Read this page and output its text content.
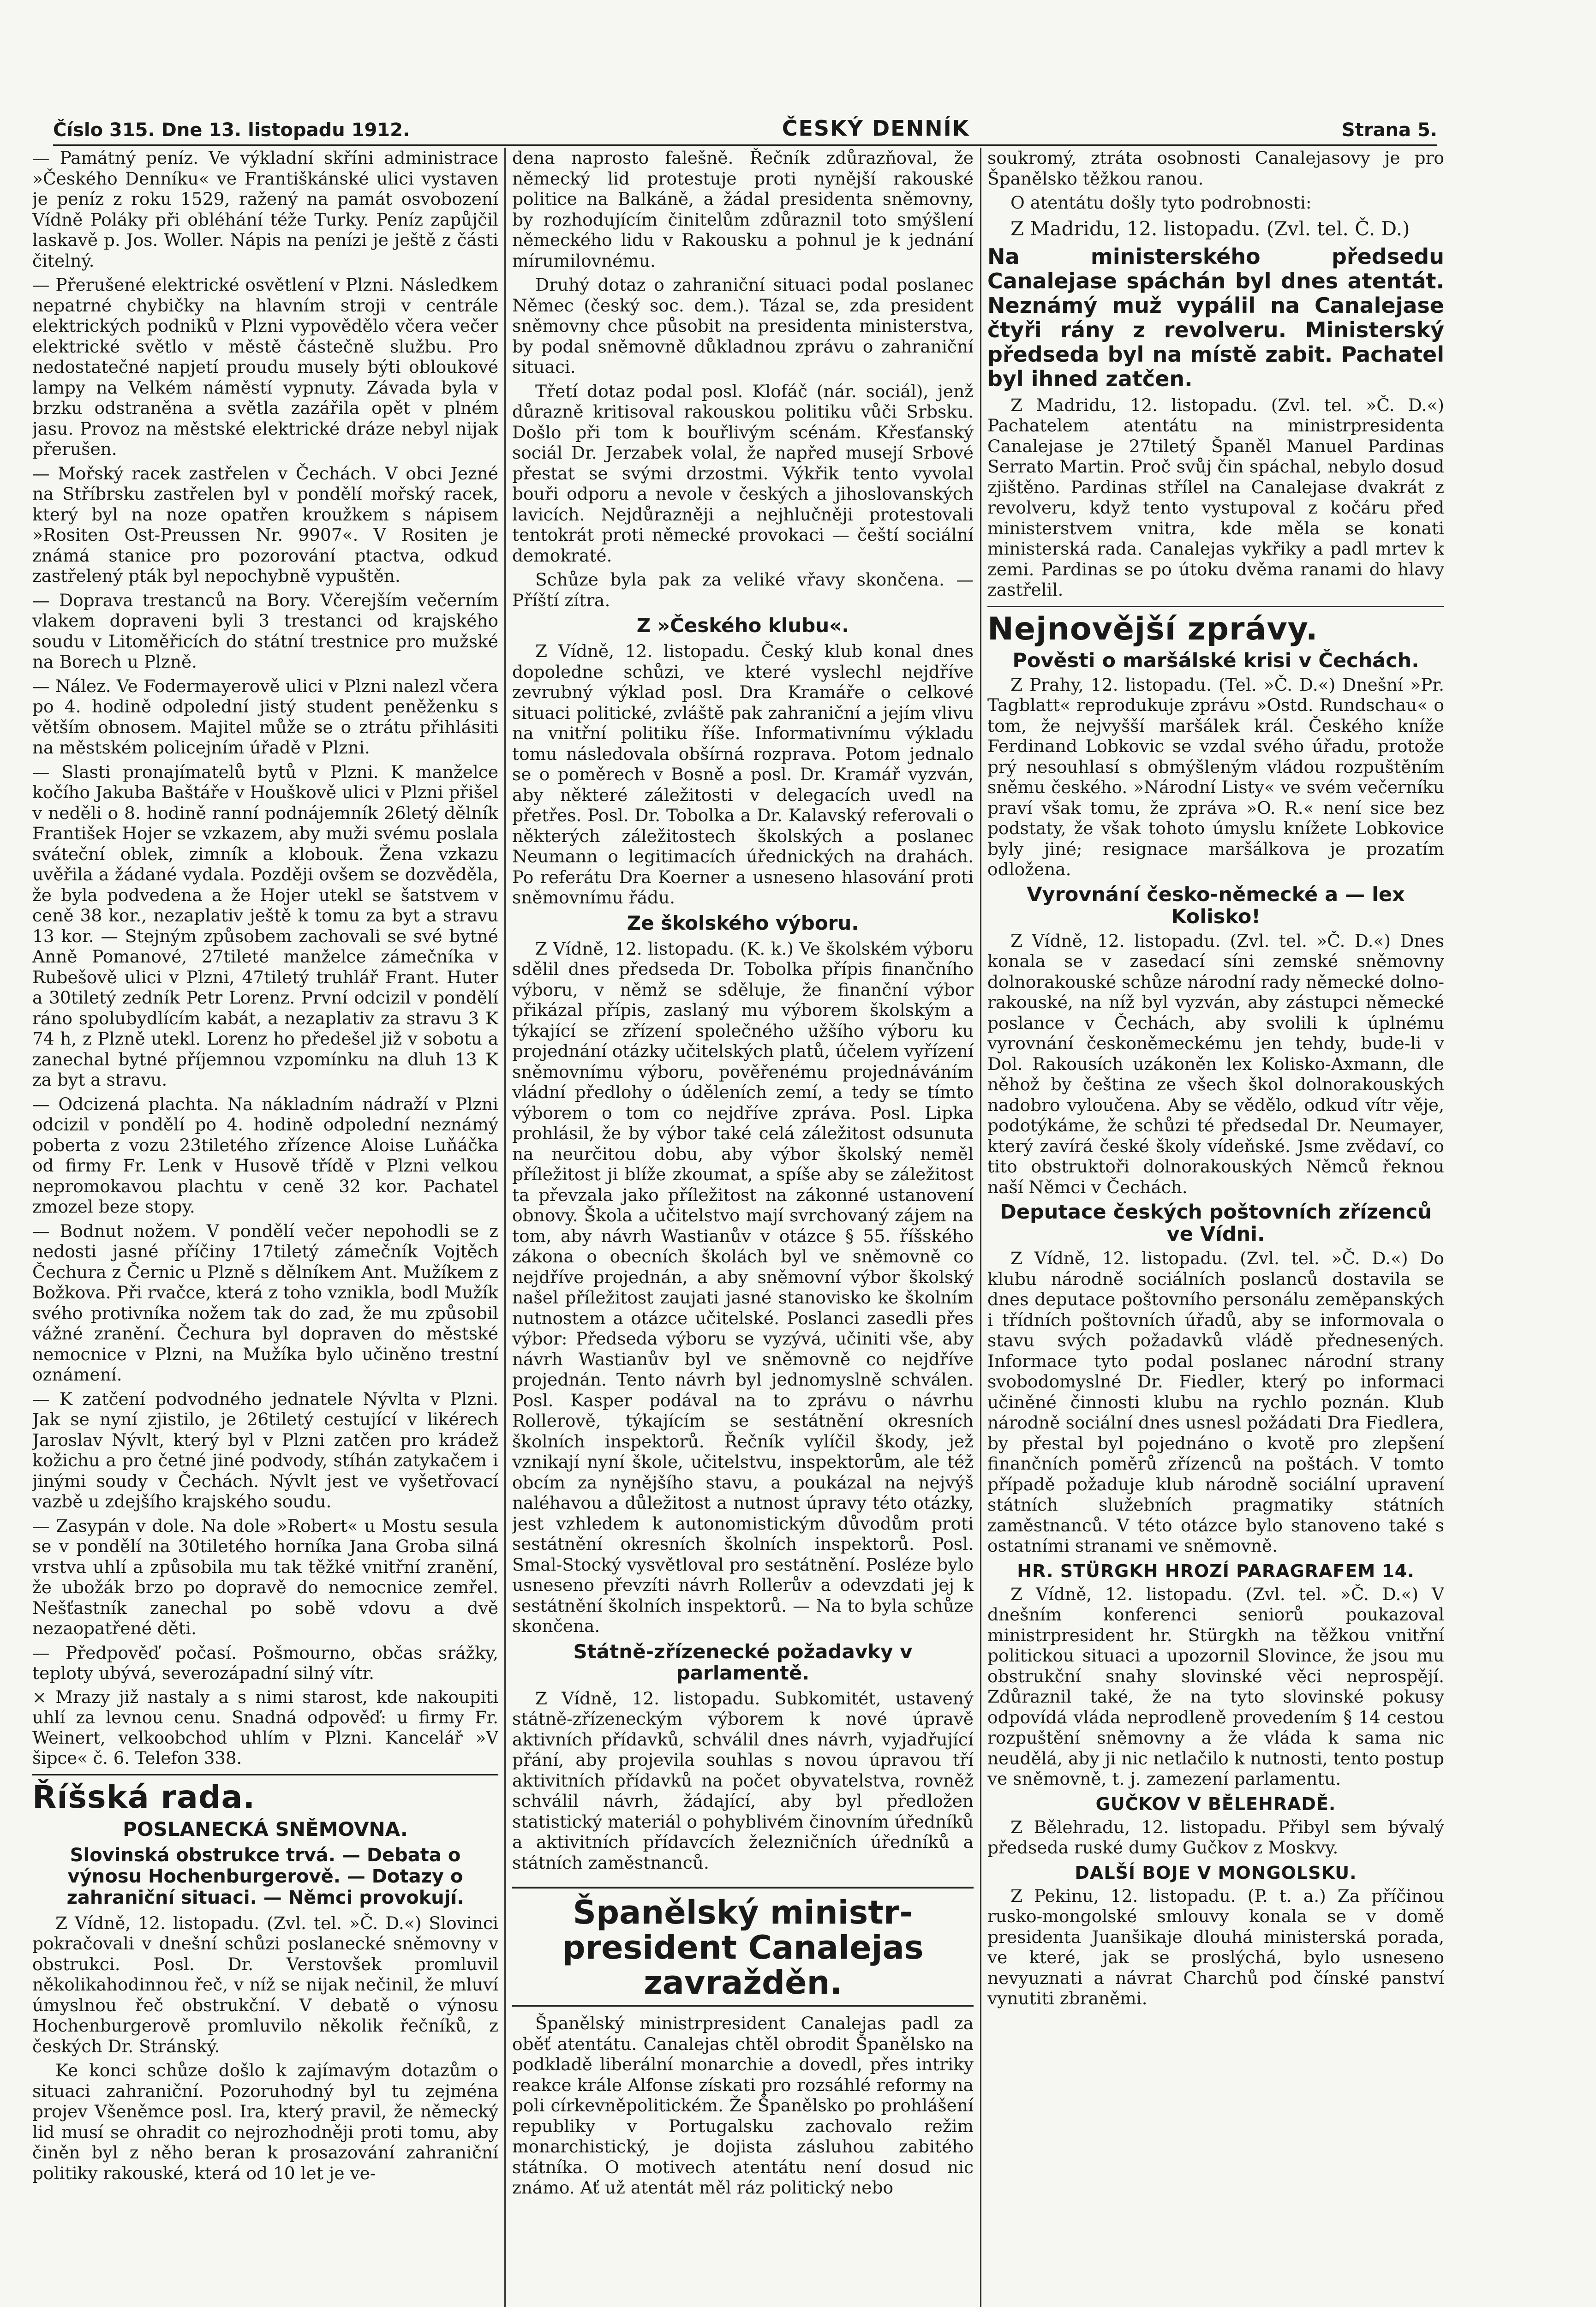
Číslo 315. Dne 13. listopadu 1912.	ČESKÝ DENNÍK	Strana 5.

— Památný peníz. Ve výkladní skříni administrace »Českého Denníku« ve Františkánské ulici vystaven je peníz z roku 1529, ražený na památ osvobození Vídně Poláky při obléhání téže Turky. Peníz zapůjčil laskavě p. Jos. Woller. Nápis na penízi je ještě z části čitelný.

— Přerušené elektrické osvětlení v Plzni. Následkem nepatrné chybičky na hlavním stroji v centrále elektrických podniků v Plzni vypovědělo včera večer elektrické světlo v městě částečně službu. Pro nedostatečné napjetí proudu musely býti obloukové lampy na Velkém náměstí vypnuty. Závada byla v brzku odstraněna a světla zazářila opět v plném jasu. Provoz na městské elektrické dráze nebyl nijak přerušen.

— Mořský racek zastřelen v Čechách. V obci Jezné na Stříbrsku zastřelen byl v pondělí mořský racek, který byl na noze opatřen kroužkem s nápisem »Rositen Ost-Preussen Nr. 9907«. V Rositen je známá stanice pro pozorování ptactva, odkud zastřelený pták byl nepochybně vypuštěn.

— Doprava trestanců na Bory. Včerejším večerním vlakem dopraveni byli 3 trestanci od krajského soudu v Litoměřicích do státní trestnice pro mužské na Borech u Plzně.

— Nález. Ve Fodermayerově ulici v Plzni nalezl včera po 4. hodině odpolední jistý student peněženku s větším obnosem. Majitel může se o ztrátu přihlásiti na městském policejním úřadě v Plzni.

— Slasti pronajímatelů bytů v Plzni. K manželce kočího Jakuba Baštáře v Houškově ulici v Plzni přišel v neděli o 8. hodině ranní podnájemník 26letý dělník František Hojer se vzkazem, aby muži svému poslala sváteční oblek, zimník a klobouk. Žena vzkazu uvěřila a žádané vydala. Později ovšem se dozvěděla, že byla podvedena a že Hojer utekl se šatstvem v ceně 38 kor., nezaplativ ještě k tomu za byt a stravu 13 kor. — Stejným způsobem zachovali se své bytné Anně Pomanové, 27tileté manželce zámečníka v Rubešově ulici v Plzni, 47tiletý truhlář Frant. Huter a 30tiletý zedník Petr Lorenz. První odcizil v pondělí ráno spolubydlícím kabát, a nezaplativ za stravu 3 K 74 h, z Plzně utekl. Lorenz ho předešel již v sobotu a zanechal bytné příjemnou vzpomínku na dluh 13 K za byt a stravu.

— Odcizená plachta. Na nákladním nádraží v Plzni odcizil v pondělí po 4. hodině odpolední neznámý poberta z vozu 23tiletého zřízence Aloise Luňáčka od firmy Fr. Lenk v Husově třídě v Plzni velkou nepromokavou plachtu v ceně 32 kor. Pachatel zmozel beze stopy.

— Bodnut nožem. V pondělí večer nepohodli se z nedosti jasné příčiny 17tiletý zámečník Vojtěch Čechura z Černic u Plzně s dělníkem Ant. Mužíkem z Božkova. Při rvačce, která z toho vznikla, bodl Mužík svého protivníka nožem tak do zad, že mu způsobil vážné zranění. Čechura byl dopraven do městské nemocnice v Plzni, na Mužíka bylo učiněno trestní oznámení.

— K zatčení podvodného jednatele Nývlta v Plzni. Jak se nyní zjistilo, je 26tiletý cestující v likérech Jaroslav Nývlt, který byl v Plzni zatčen pro krádež kožichu a pro četné jiné podvody, stíhán zatykačem i jinými soudy v Čechách. Nývlt jest ve vyšetřovací vazbě u zdejšího krajského soudu.

— Zasypán v dole. Na dole »Robert« u Mostu sesula se v pondělí na 30tiletého horníka Jana Groba silná vrstva uhlí a způsobila mu tak těžké vnitřní zranění, že ubožák brzo po dopravě do nemocnice zemřel. Nešťastník zanechal po sobě vdovu a dvě nezaopatřené děti.

— Předpověď počasí. Pošmourno, občas srážky, teploty ubývá, severozápadní silný vítr.

× Mrazy již nastaly a s nimi starost, kde nakoupiti uhlí za levnou cenu. Snadná odpověď: u firmy Fr. Weinert, velkoobchod uhlím v Plzni. Kancelář »V šipce« č. 6. Telefon 338.

Říšská rada.
POSLANECKÁ SNĚMOVNA.
Slovinská obstrukce trvá. — Debata o výnosu Hochenburgerově. — Dotazy o zahraniční situaci. — Němci provokují.

Z Vídně, 12. listopadu. (Zvl. tel. »Č. D.«) Slovinci pokračovali v dnešní schůzi poslanecké sněmovny v obstrukci. Posl. Dr. Verstovšek promluvil několikahodinnou řeč, v níž se nijak nečinil, že mluví úmyslnou řeč obstrukční. V debatě o výnosu Hochenburgerově promluvilo několik řečníků, z českých Dr. Stránský.

Ke konci schůze došlo k zajímavým dotazům o situaci zahraniční. Pozoruhodný byl tu zejména projev Všeněmce posl. Ira, který pravil, že německý lid musí se ohradit co nejrozhodněji proti tomu, aby činěn byl z něho beran k prosazování zahraniční politiky rakouské, která od 10 let je ve-

dena naprosto falešně. Řečník zdůrazňoval, že německý lid protestuje proti nynější rakouské politice na Balkáně, a žádal presidenta sněmovny, by rozhodujícím činitelům zdůraznil toto smýšlení německého lidu v Rakousku a pohnul je k jednání mírumilovnému.

Druhý dotaz o zahraniční situaci podal poslanec Němec (český soc. dem.). Tázal se, zda president sněmovny chce působit na presidenta ministerstva, by podal sněmovně důkladnou zprávu o zahraniční situaci.

Třetí dotaz podal posl. Klofáč (nár. sociál), jenž důrazně kritisoval rakouskou politiku vůči Srbsku. Došlo při tom k bouřlivým scénám. Křesťanský sociál Dr. Jerzabek volal, že napřed musejí Srbové přestat se svými drzostmi. Výkřik tento vyvolal bouři odporu a nevole v českých a jihoslovanských lavicích. Nejdůrazněji a nejhlučněji protestovali tentokrát proti německé provokaci — čeští sociální demokraté.

Schůze byla pak za veliké vřavy skončena. — Příští zítra.

Z »Českého klubu«.

Z Vídně, 12. listopadu. Český klub konal dnes dopoledne schůzi, ve které vyslechl nejdříve zevrubný výklad posl. Dra Kramáře o celkové situaci politické, zvláště pak zahraniční a jejím vlivu na vnitřní politiku říše. Informativnímu výkladu tomu následovala obšírná rozprava. Potom jednalo se o poměrech v Bosně a posl. Dr. Kramář vyzván, aby některé záležitosti v delegacích uvedl na přetřes. Posl. Dr. Tobolka a Dr. Kalavský referovali o některých záležitostech školských a poslanec Neumann o legitimacích úřednických na drahách. Po referátu Dra Koerner a usneseno hlasování proti sněmovnímu řádu.

Ze školského výboru.

Z Vídně, 12. listopadu. (K. k.) Ve školském výboru sdělil dnes předseda Dr. Tobolka přípis finančního výboru, v němž se sděluje, že finanční výbor přikázal přípis, zaslaný mu výborem školským a týkající se zřízení společného užšího výboru ku projednání otázky učitelských platů, účelem vyřízení sněmovnímu výboru, pověřenému projednáváním vládní předlohy o úděleních zemí, a tedy se tímto výborem o tom co nejdříve zpráva. Posl. Lipka prohlásil, že by výbor také celá záležitost odsunuta na neurčitou dobu, aby výbor školský neměl příležitost ji blíže zkoumat, a spíše aby se záležitost ta převzala jako příležitost na zákonné ustanovení obnovy. Škola a učitelstvo mají svrchovaný zájem na tom, aby návrh Wastianův v otázce § 55. říšského zákona o obecních školách byl ve sněmovně co nejdříve projednán, a aby sněmovní výbor školský našel příležitost zaujati jasné stanovisko ke školním nutnostem a otázce učitelské. Poslanci zasedli přes výbor: Předseda výboru se vyzývá, učiniti vše, aby návrh Wastianův byl ve sněmovně co nejdříve projednán. Tento návrh byl jednomyslně schválen. Posl. Kasper podával na to zprávu o návrhu Rollerově, týkajícím se sestátnění okresních školních inspektorů. Řečník vylíčil škody, jež vznikají nyní škole, učitelstvu, inspektorům, ale též obcím za nynějšího stavu, a poukázal na nejvýš naléhavou a důležitost a nutnost úpravy této otázky, jest vzhledem k autonomistickým důvodům proti sestátnění okresních školních inspektorů. Posl. Smal-Stocký vysvětloval pro sestátnění. Posléze bylo usneseno převzíti návrh Rollerův a odevzdati jej k sestátnění školních inspektorů. — Na to byla schůze skončena.

Státně-zřízenecké požadavky v parlamentě.

Z Vídně, 12. listopadu. Subkomitét, ustavený státně-zřízeneckým výborem k nové úpravě aktivních přídavků, schválil dnes návrh, vyjadřující přání, aby projevila souhlas s novou úpravou tří aktivitních přídavků na počet obyvatelstva, rovněž schválil návrh, žádající, aby byl předložen statistický materiál o pohyblivém činovním úředníků a aktivitních přídavcích železničních úředníků a státních zaměstnanců.

Španělský ministr-president Canalejas zavražděn.

Španělský ministrpresident Canalejas padl za oběť atentátu. Canalejas chtěl obrodit Španělsko na podkladě liberální monarchie a dovedl, přes intriky reakce krále Alfonse získati pro rozsáhlé reformy na poli církevněpolitickém. Že Španělsko po prohlášení republiky v Portugalsku zachovalo režim monarchistický, je dojista zásluhou zabitého státníka. O motivech atentátu není dosud nic známo. Ať už atentát měl ráz politický nebo

soukromý, ztráta osobnosti Canalejasovy je pro Španělsko těžkou ranou.

O atentátu došly tyto podrobnosti:

Z Madridu, 12. listopadu. (Zvl. tel. Č. D.)

Na ministerského předsedu Canalejase spáchán byl dnes atentát. Neznámý muž vypálil na Canalejase čtyři rány z revolveru. Ministerský předseda byl na místě zabit. Pachatel byl ihned zatčen.

Z Madridu, 12. listopadu. (Zvl. tel. »Č. D.«) Pachatelem atentátu na ministrpresidenta Canalejase je 27tiletý Španěl Manuel Pardinas Serrato Martin. Proč svůj čin spáchal, nebylo dosud zjištěno. Pardinas střílel na Canalejase dvakrát z revolveru, když tento vystupoval z kočáru před ministerstvem vnitra, kde měla se konati ministerská rada. Canalejas vykřiky a padl mrtev k zemi. Pardinas se po útoku dvěma ranami do hlavy zastřelil.

Nejnovější zprávy.
Pověsti o maršálské krisi v Čechách.

Z Prahy, 12. listopadu. (Tel. »Č. D.«) Dnešní »Pr. Tagblatt« reprodukuje zprávu »Ostd. Rundschau« o tom, že nejvyšší maršálek král. Českého kníže Ferdinand Lobkovic se vzdal svého úřadu, protože prý nesouhlasí s obmýšleným vládou rozpuštěním sněmu českého. »Národní Listy« ve svém večerníku praví však tomu, že zpráva »O. R.« není sice bez podstaty, že však tohoto úmyslu knížete Lobkovice byly jiné; resignace maršálkova je prozatím odložena.

Vyrovnání česko-německé a — lex Kolisko!

Z Vídně, 12. listopadu. (Zvl. tel. »Č. D.«) Dnes konala se v zasedací síni zemské sněmovny dolnorakouské schůze národní rady německé dolno-rakouské, na níž byl vyzván, aby zástupci německé poslance v Čechách, aby svolili k úplnému vyrovnání českoněmeckému jen tehdy, bude-li v Dol. Rakousích uzákoněn lex Kolisko-Axmann, dle něhož by čeština ze všech škol dolnorakouských nadobro vyloučena. Aby se vědělo, odkud vítr věje, podotýkáme, že schůzi té předsedal Dr. Neumayer, který zavírá české školy vídeňské. Jsme zvědaví, co tito obstruktoři dolnorakouských Němců řeknou naší Němci v Čechách.

Deputace českých poštovních zřízenců ve Vídni.

Z Vídně, 12. listopadu. (Zvl. tel. »Č. D.«) Do klubu národně sociálních poslanců dostavila se dnes deputace poštovního personálu zeměpanských i třídních poštovních úřadů, aby se informovala o stavu svých požadavků vládě přednesených. Informace tyto podal poslanec národní strany svobodomyslné Dr. Fiedler, který po informaci učiněné činnosti klubu na rychlo poznán. Klub národně sociální dnes usnesl požádati Dra Fiedlera, by přestal byl pojednáno o kvotě pro zlepšení finančních poměrů zřízenců na poštách. V tomto případě požaduje klub národně sociální upravení státních služebních pragmatiky státních zaměstnanců. V této otázce bylo stanoveno také s ostatními stranami ve sněmovně.

HR. STÜRGKH HROZÍ PARAGRAFEM 14.

Z Vídně, 12. listopadu. (Zvl. tel. »Č. D.«) V dnešním konferenci seniorů poukazoval ministrpresident hr. Stürgkh na těžkou vnitřní politickou situaci a upozornil Slovince, že jsou mu obstrukční snahy slovinské věci neprospějí. Zdůraznil také, že na tyto slovinské pokusy odpovídá vláda neprodleně provedením § 14 cestou rozpuštění sněmovny a že vláda k sama nic neudělá, aby ji nic netlačilo k nutnosti, tento postup ve sněmovně, t. j. zamezení parlamentu.

GUČKOV V BĚLEHRADĚ.

Z Bělehradu, 12. listopadu. Přibyl sem bývalý předseda ruské dumy Gučkov z Moskvy.

DALŠÍ BOJE V MONGOLSKU.

Z Pekinu, 12. listopadu. (P. t. a.) Za příčinou rusko-mongolské smlouvy konala se v domě presidenta Juanšikaje dlouhá ministerská porada, ve které, jak se proslýchá, bylo usneseno nevyuznati a návrat Charchů pod čínské panství vynutiti zbraněmi.
